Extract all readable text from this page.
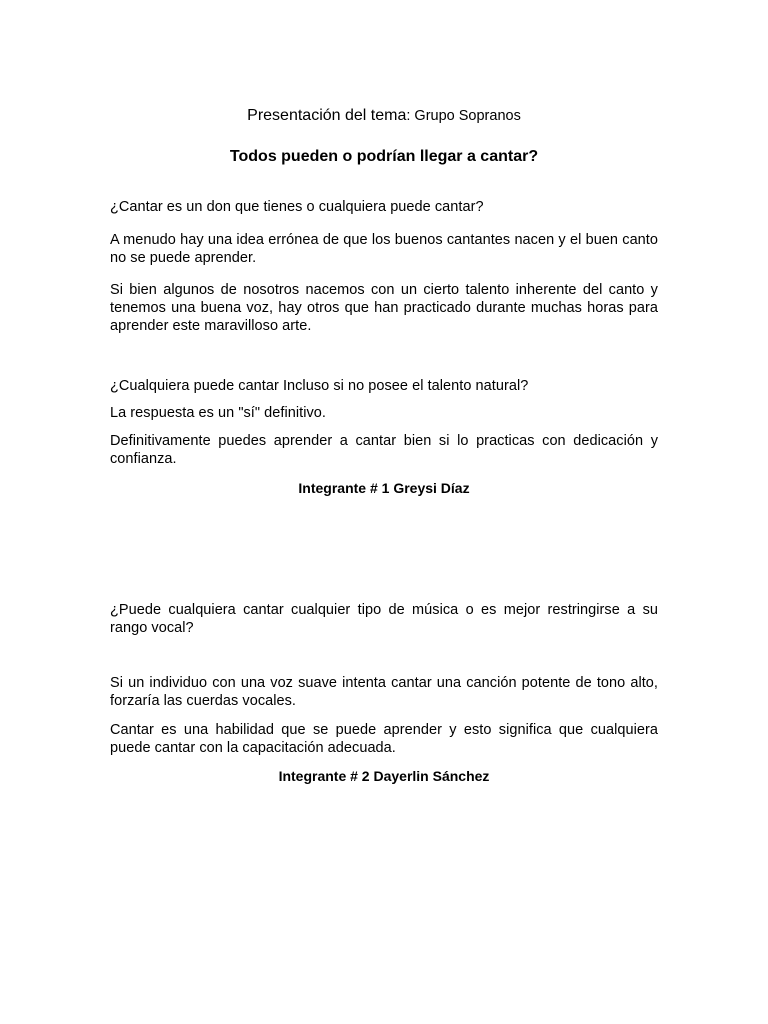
Presentación del tema: Grupo Sopranos

Todos pueden o podrían llegar a cantar?

¿Cantar es un don que tienes o cualquiera puede cantar?

A menudo hay una idea errónea de que los buenos cantantes nacen y el buen canto no se puede aprender.

Si bien algunos de nosotros nacemos con un cierto talento inherente del canto y tenemos una buena voz, hay otros que han practicado durante muchas horas para aprender este maravilloso arte.

¿Cualquiera puede cantar Incluso si no posee el talento natural?

La respuesta es un "sí" definitivo.

Definitivamente puedes aprender a cantar bien si lo practicas con dedicación y confianza.

Integrante # 1 Greysi Díaz

¿Puede cualquiera cantar cualquier tipo de música o es mejor restringirse a su rango vocal?

Si un individuo con una voz suave intenta cantar una canción potente de tono alto, forzaría las cuerdas vocales.

Cantar es una habilidad que se puede aprender y esto significa que cualquiera puede cantar con la capacitación adecuada.

Integrante # 2 Dayerlin Sánchez
